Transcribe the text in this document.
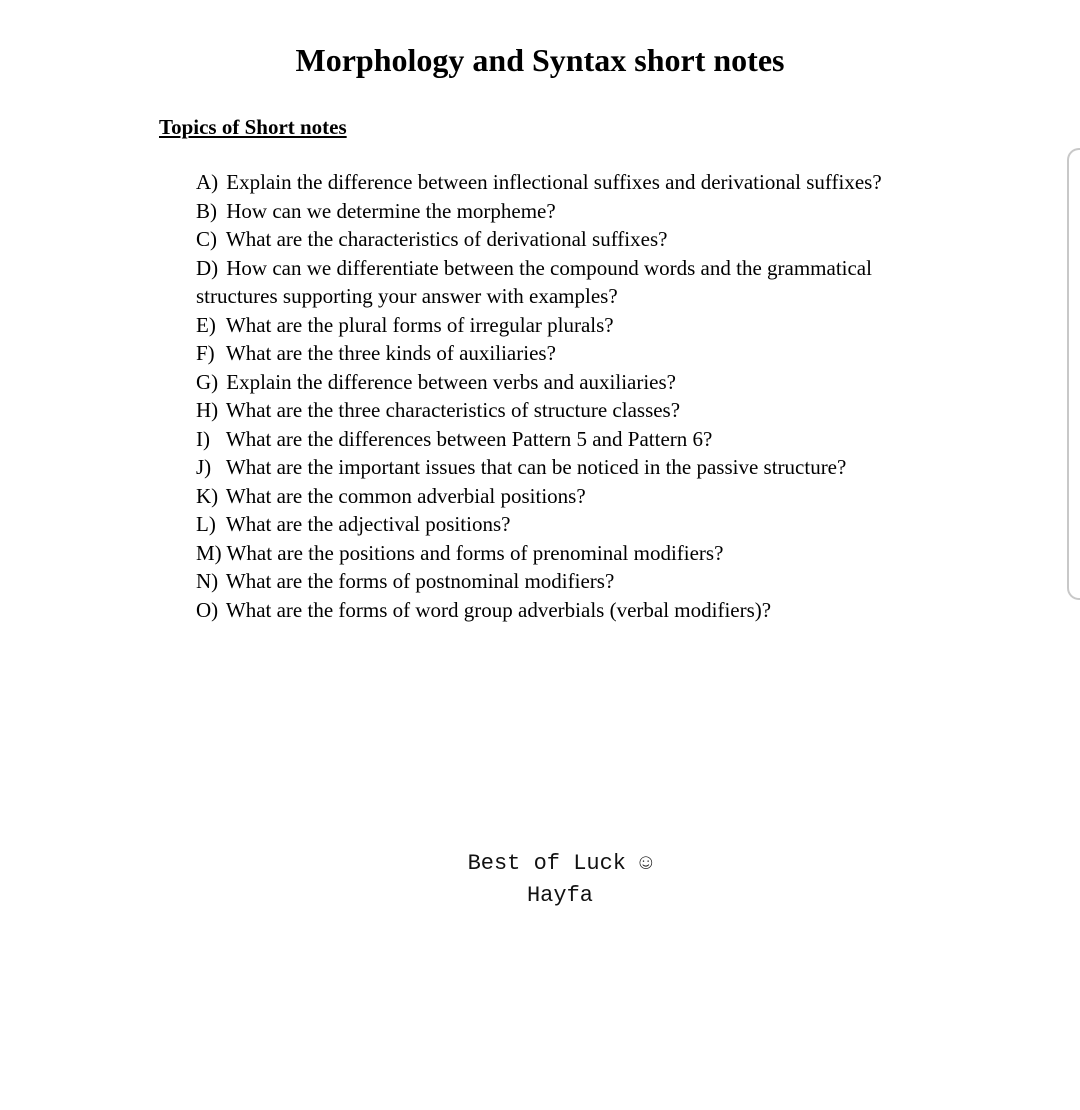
Morphology and Syntax short notes
Topics of Short notes
A) Explain the difference between inflectional suffixes and derivational suffixes?
B) How can we determine the morpheme?
C) What are the characteristics of derivational suffixes?
D) How can we differentiate between the compound words and the grammatical structures supporting your answer with examples?
E) What are the plural forms of irregular plurals?
F) What are the three kinds of auxiliaries?
G) Explain the difference between verbs and auxiliaries?
H) What are the three characteristics of structure classes?
I) What are the differences between Pattern 5 and Pattern 6?
J) What are the important issues that can be noticed in the passive structure?
K) What are the common adverbial positions?
L) What are the adjectival positions?
M) What are the positions and forms of prenominal modifiers?
N) What are the forms of postnominal modifiers?
O) What are the forms of word group adverbials (verbal modifiers)?
Best of Luck ☺
Hayfa
